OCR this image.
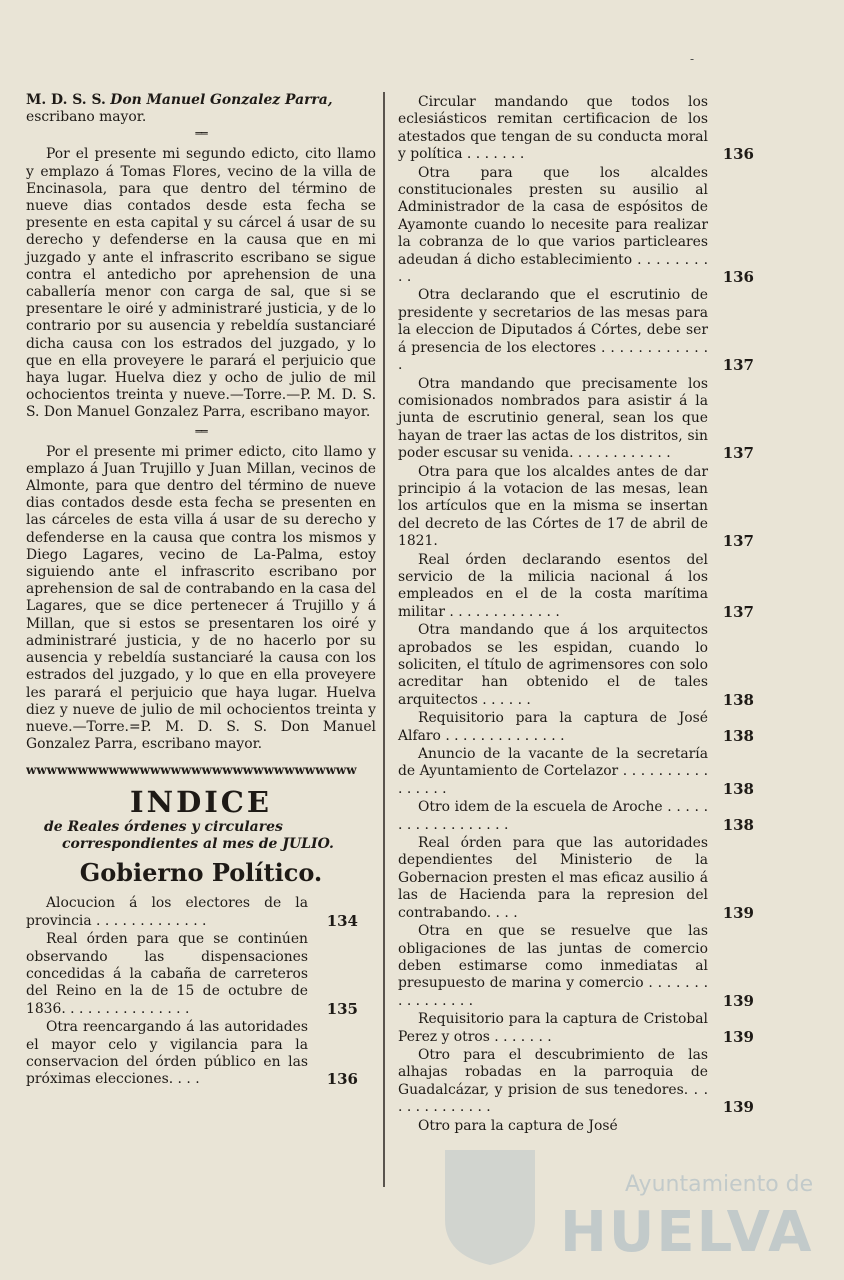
-

M. D. S. S. Don Manuel Gonzalez Parra,
escribano mayor.

══

Por el presente mi segundo edicto, cito llamo y emplazo á Tomas Flores, vecino de la villa de Encinasola, para que dentro del término de nueve dias contados desde esta fecha se presente en esta capital y su cárcel á usar de su derecho y defenderse en la causa que en mi juzgado y ante el infrascrito escribano se sigue contra el antedicho por aprehension de una caballería menor con carga de sal, que si se presentare le oiré y administraré justicia, y de lo contrario por su ausencia y rebeldía sustanciaré dicha causa con los estrados del juzgado, y lo que en ella proveyere le parará el perjuicio que haya lugar. Huelva diez y ocho de julio de mil ochocientos treinta y nueve.—Torre.—P. M. D. S. S. Don Manuel Gonzalez Parra, escribano mayor.

══

Por el presente mi primer edicto, cito llamo y emplazo á Juan Trujillo y Juan Millan, vecinos de Almonte, para que dentro del término de nueve dias contados desde esta fecha se presenten en las cárceles de esta villa á usar de su derecho y defenderse en la causa que contra los mismos y Diego Lagares, vecino de La-Palma, estoy siguiendo ante el infrascrito escribano por aprehension de sal de contrabando en la casa del Lagares, que se dice pertenecer á Trujillo y á Millan, que si estos se presentaren los oiré y administraré justicia, y de no hacerlo por su ausencia y rebeldía sustanciaré la causa con los estrados del juzgado, y lo que en ella proveyere les parará el perjuicio que haya lugar. Huelva diez y nueve de julio de mil ochocientos treinta y nueve.—Torre.=P. M. D. S. S. Don Manuel Gonzalez Parra, escribano mayor.

ᴡᴡᴡᴡᴡᴡᴡᴡᴡᴡᴡᴡᴡᴡᴡᴡᴡᴡᴡᴡᴡᴡᴡᴡᴡᴡᴡᴡᴡᴡᴡᴡ
INDICE
de Reales órdenes y circulares correspondientes al mes de JULIO.
Gobierno Político.
Alocucion á los electores de la provincia . . . . . . . . . . . . .	134
Real órden para que se continúen observando las dispensaciones concedidas á la cabaña de carreteros del Reino en la de 15 de octubre de 1836. . . . . . . . . . . . . . .	135
Otra reencargando á las autoridades el mayor celo y vigilancia para la conservacion del órden público en las próximas elecciones. . . .	136
Circular mandando que todos los eclesiásticos remitan certificacion de los atestados que tengan de su conducta moral y política . . . . . . .	136
Otra para que los alcaldes constitucionales presten su ausilio al Administrador de la casa de espósitos de Ayamonte cuando lo necesite para realizar la cobranza de lo que varios particleares adeudan á dicho establecimiento . . . . . . . . . .	136
Otra declarando que el escrutinio de presidente y secretarios de las mesas para la eleccion de Diputados á Córtes, debe ser á presencia de los electores . . . . . . . . . . . . .	137
Otra mandando que precisamente los comisionados nombrados para asistir á la junta de escrutinio general, sean los que hayan de traer las actas de los distritos, sin poder escusar su venida. . . . . . . . . . . .	137
Otra para que los alcaldes antes de dar principio á la votacion de las mesas, lean los artículos que en la misma se insertan del decreto de las Córtes de 17 de abril de 1821.	137
Real órden declarando esentos del servicio de la milicia nacional á los empleados en el de la costa marítima militar . . . . . . . . . . . . .	137
Otra mandando que á los arquitectos aprobados se les espidan, cuando lo soliciten, el título de agrimensores con solo acreditar han obtenido el de tales arquitectos . . . . . .	138
Requisitorio para la captura de José Alfaro . . . . . . . . . . . . . .	138
Anuncio de la vacante de la secretaría de Ayuntamiento de Cortelazor . . . . . . . . . . . . . . . .	138
Otro idem de la escuela de Aroche . . . . . . . . . . . . . . . . . .	138
Real órden para que las autoridades dependientes del Ministerio de la Gobernacion presten el mas eficaz ausilio á las de Hacienda para la represion del contrabando. . . .	139
Otra en que se resuelve que las obligaciones de las juntas de comercio deben estimarse como inmediatas al presupuesto de marina y comercio . . . . . . . . . . . . . . . .	139
Requisitorio para la captura de Cristobal Perez y otros . . . . . . .	139
Otro para el descubrimiento de las alhajas robadas en la parroquia de Guadalcázar, y prision de sus tenedores. . . . . . . . . . . . . .	139
Otro para la captura de José
Ayuntamiento de
HUELVA
